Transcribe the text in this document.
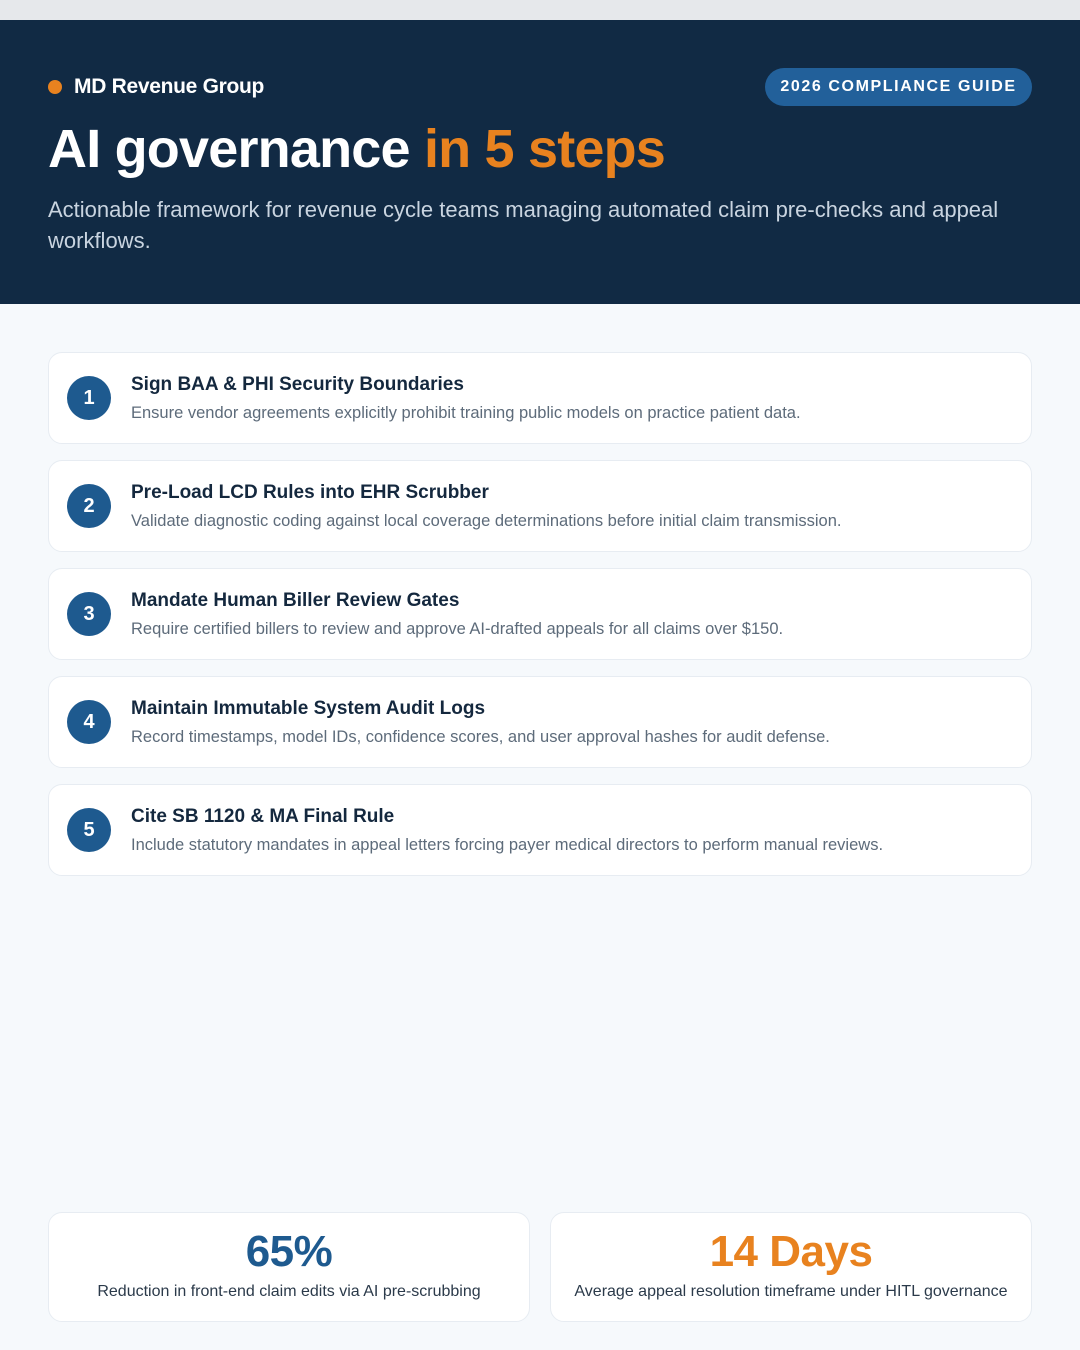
MD Revenue Group	2026 COMPLIANCE GUIDE
AI governance in 5 steps

Actionable framework for revenue cycle teams managing automated claim pre-checks and appeal workflows.

1
Sign BAA & PHI Security Boundaries
Ensure vendor agreements explicitly prohibit training public models on practice patient data.
2
Pre-Load LCD Rules into EHR Scrubber
Validate diagnostic coding against local coverage determinations before initial claim transmission.
3
Mandate Human Biller Review Gates
Require certified billers to review and approve AI-drafted appeals for all claims over $150.
4
Maintain Immutable System Audit Logs
Record timestamps, model IDs, confidence scores, and user approval hashes for audit defense.
5
Cite SB 1120 & MA Final Rule
Include statutory mandates in appeal letters forcing payer medical directors to perform manual reviews.
65%
Reduction in front-end claim edits via AI pre-scrubbing
14 Days
Average appeal resolution timeframe under HITL governance
